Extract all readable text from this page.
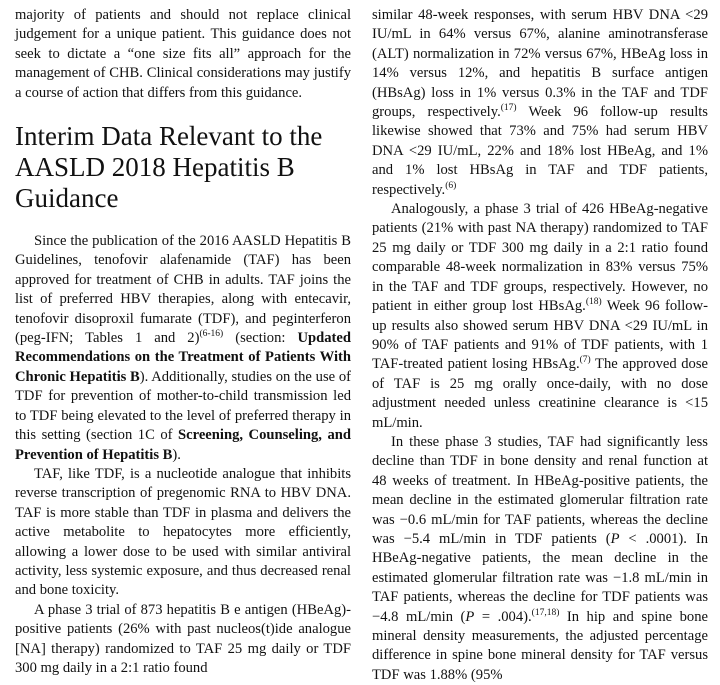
majority of patients and should not replace clinical judgement for a unique patient. This guidance does not seek to dictate a “one size fits all” approach for the management of CHB. Clinical considerations may justify a course of action that differs from this guidance.

Interim Data Relevant to the AASLD 2018 Hepatitis B Guidance

Since the publication of the 2016 AASLD Hepatitis B Guidelines, tenofovir alafenamide (TAF) has been approved for treatment of CHB in adults. TAF joins the list of preferred HBV therapies, along with entecavir, tenofovir disoproxil fumarate (TDF), and peginterferon (peg-IFN; Tables 1 and 2)$^{(6-16)}$ (section: Updated Recommendations on the Treatment of Patients With Chronic Hepatitis B). Additionally, studies on the use of TDF for prevention of mother-to-child transmission led to TDF being elevated to the level of preferred therapy in this setting (section 1C of Screening, Counseling, and Prevention of Hepatitis B).

TAF, like TDF, is a nucleotide analogue that inhibits reverse transcription of pregenomic RNA to HBV DNA. TAF is more stable than TDF in plasma and delivers the active metabolite to hepatocytes more efficiently, allowing a lower dose to be used with similar antiviral activity, less systemic exposure, and thus decreased renal and bone toxicity.

A phase 3 trial of 873 hepatitis B e antigen (HBeAg)-positive patients (26% with past nucleos(t)ide analogue [NA] therapy) randomized to TAF 25 mg daily or TDF 300 mg daily in a 2:1 ratio found

similar 48-week responses, with serum HBV DNA <29 IU/mL in 64% versus 67%, alanine aminotransferase (ALT) normalization in 72% versus 67%, HBeAg loss in 14% versus 12%, and hepatitis B surface antigen (HBsAg) loss in 1% versus 0.3% in the TAF and TDF groups, respectively.$^{(17)}$ Week 96 follow-up results likewise showed that 73% and 75% had serum HBV DNA <29 IU/mL, 22% and 18% lost HBeAg, and 1% and 1% lost HBsAg in TAF and TDF patients, respectively.$^{(6)}$

Analogously, a phase 3 trial of 426 HBeAg-negative patients (21% with past NA therapy) randomized to TAF 25 mg daily or TDF 300 mg daily in a 2:1 ratio found comparable 48-week normalization in 83% versus 75% in the TAF and TDF groups, respectively. However, no patient in either group lost HBsAg.$^{(18)}$ Week 96 follow-up results also showed serum HBV DNA <29 IU/mL in 90% of TAF patients and 91% of TDF patients, with 1 TAF-treated patient losing HBsAg.$^{(7)}$ The approved dose of TAF is 25 mg orally once-daily, with no dose adjustment needed unless creatinine clearance is <15 mL/min.

In these phase 3 studies, TAF had significantly less decline than TDF in bone density and renal function at 48 weeks of treatment. In HBeAg-positive patients, the mean decline in the estimated glomerular filtration rate was −0.6 mL/min for TAF patients, whereas the decline was −5.4 mL/min in TDF patients (P < .0001). In HBeAg-negative patients, the mean decline in the estimated glomerular filtration rate was −1.8 mL/min in TAF patients, whereas the decline for TDF patients was −4.8 mL/min (P = .004).$^{(17,18)}$ In hip and spine bone mineral density measurements, the adjusted percentage difference in spine bone mineral density for TAF versus TDF was 1.88% (95%
